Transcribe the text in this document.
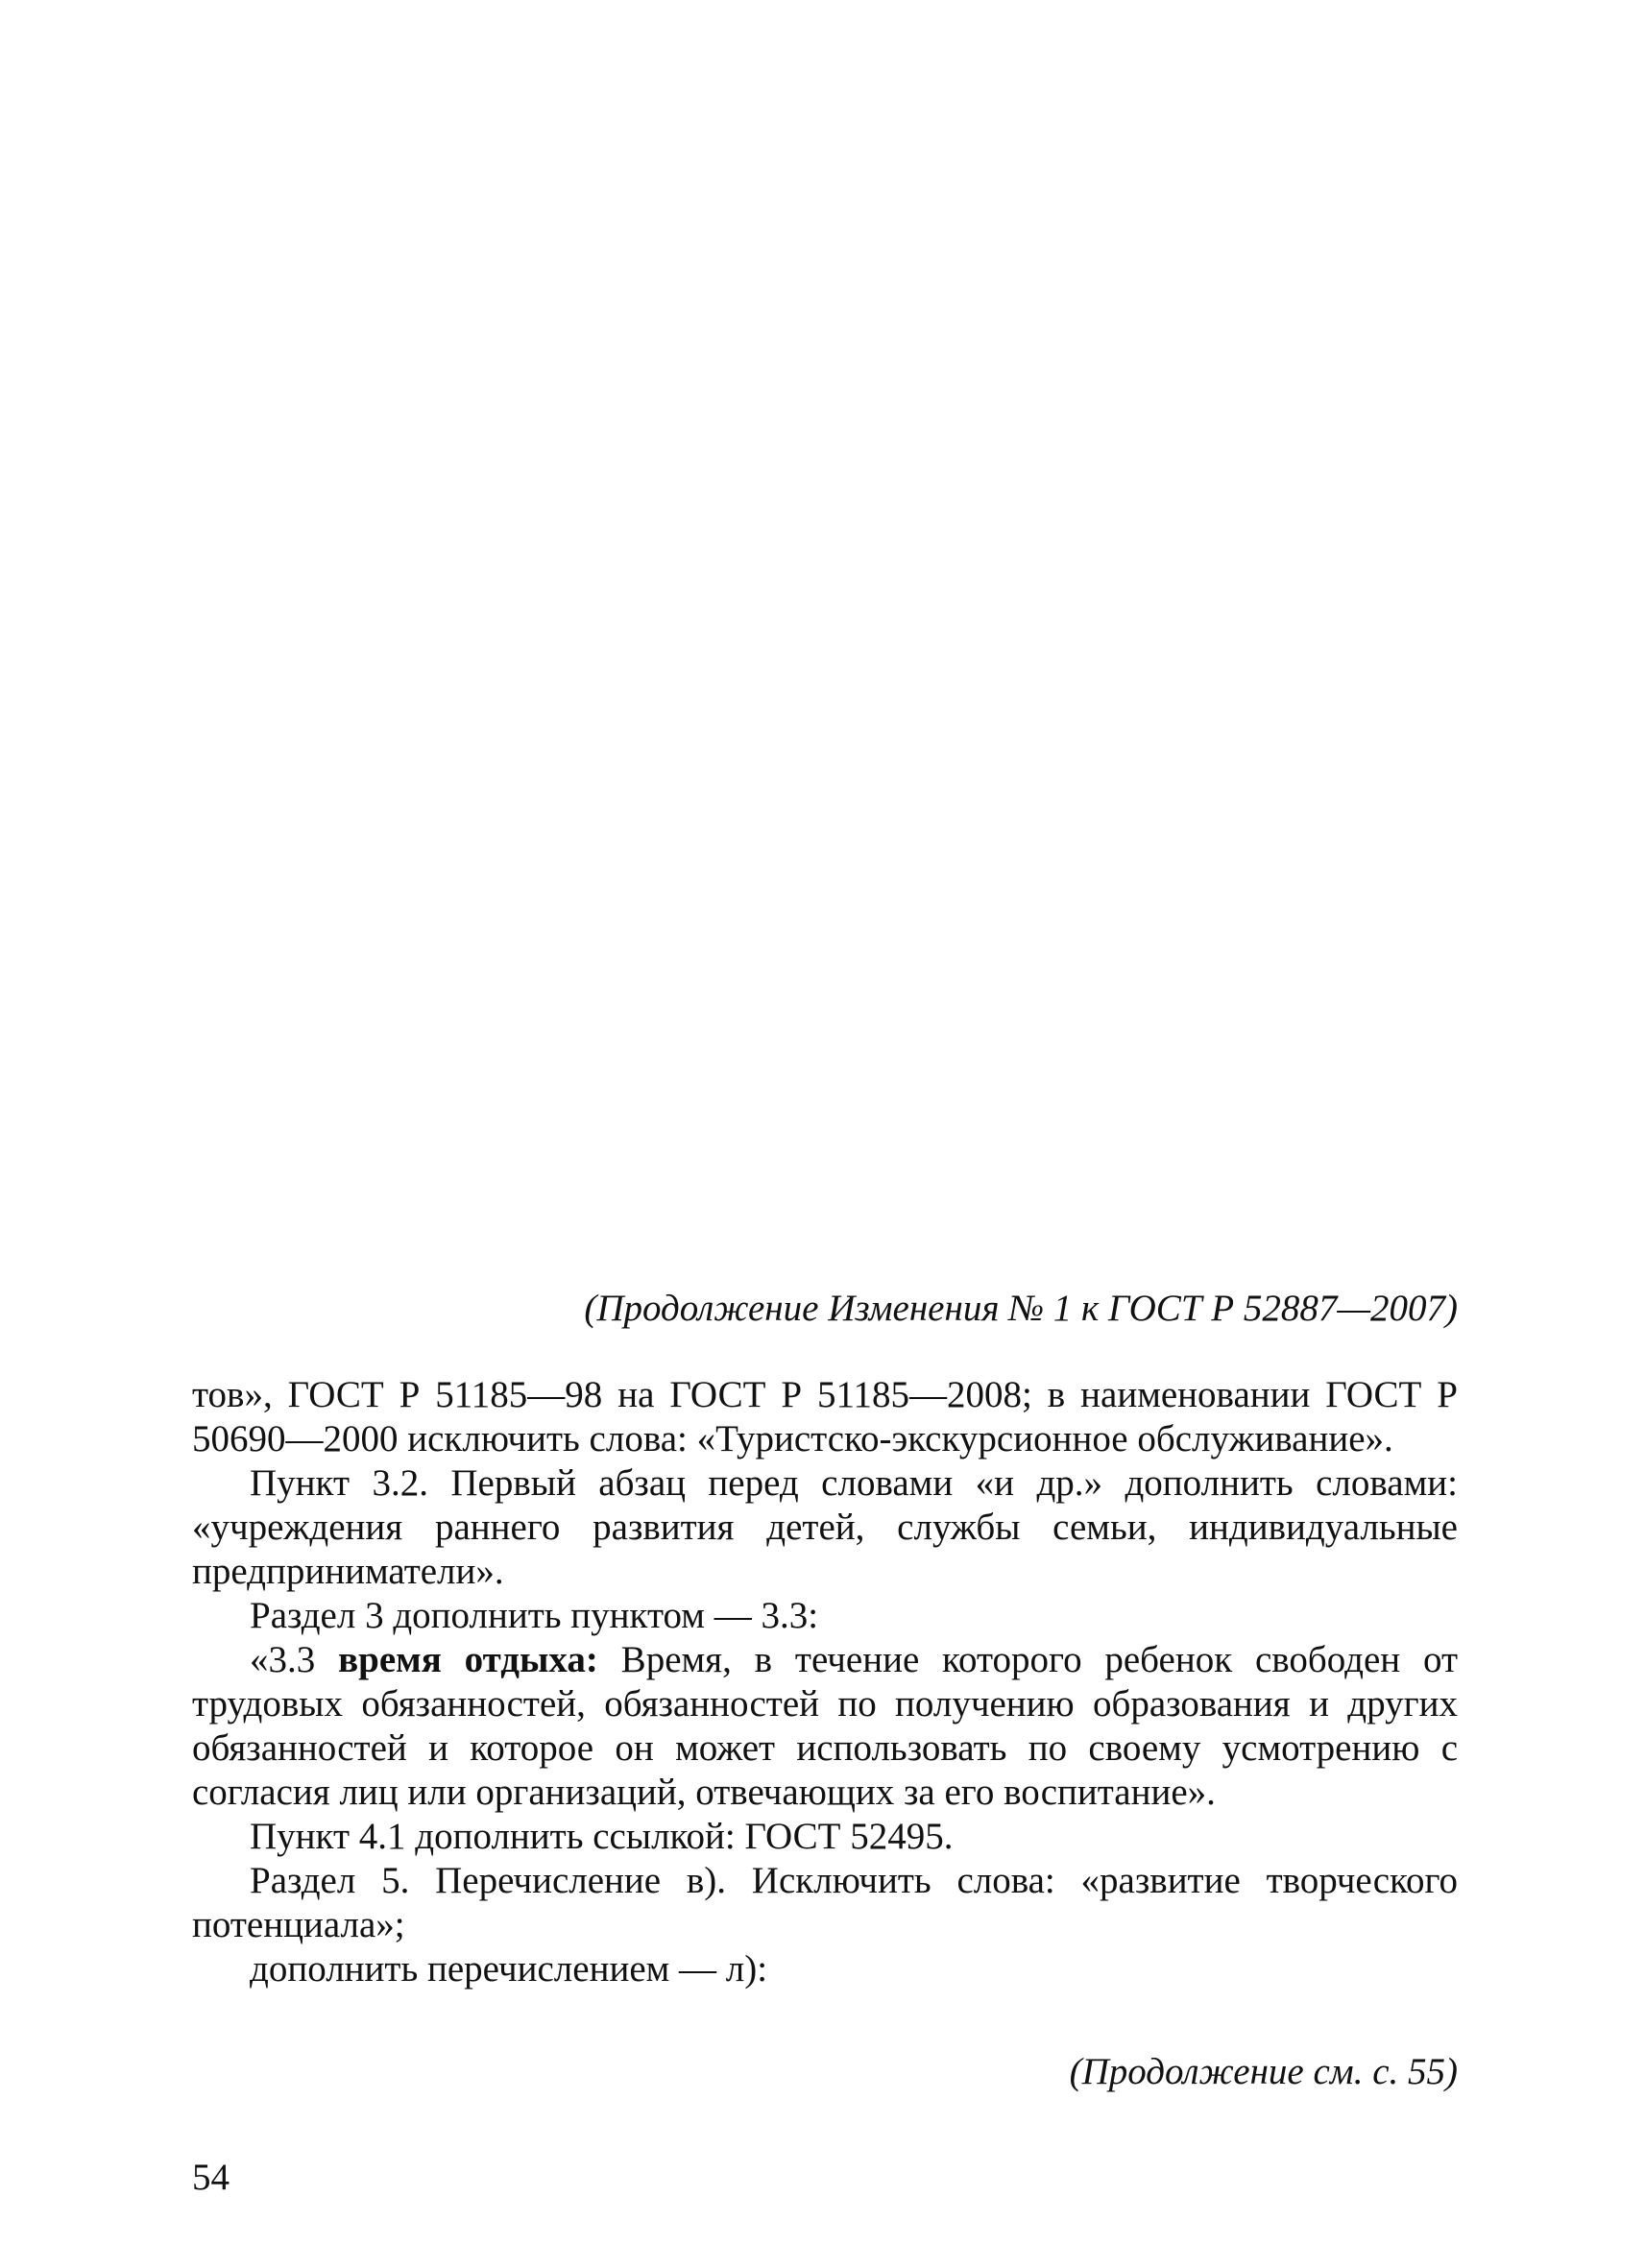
(Продолжение Изменения № 1 к ГОСТ Р 52887—2007)

тов», ГОСТ Р 51185—98 на ГОСТ Р 51185—2008; в наименовании ГОСТ Р 50690—2000 исключить слова: «Туристско-экскурсионное обслуживание».

Пункт 3.2. Первый абзац перед словами «и др.» дополнить словами: «учреждения раннего развития детей, службы семьи, индивидуальные предприниматели».

Раздел 3 дополнить пунктом — 3.3:

«3.3 время отдыха: Время, в течение которого ребенок свободен от трудовых обязанностей, обязанностей по получению образования и других обязанностей и которое он может использовать по своему усмотрению с согласия лиц или организаций, отвечающих за его воспитание».

Пункт 4.1 дополнить ссылкой: ГОСТ 52495.

Раздел 5. Перечисление в). Исключить слова: «развитие творческого потенциала»;

дополнить перечислением — л):

(Продолжение см. с. 55)
54
